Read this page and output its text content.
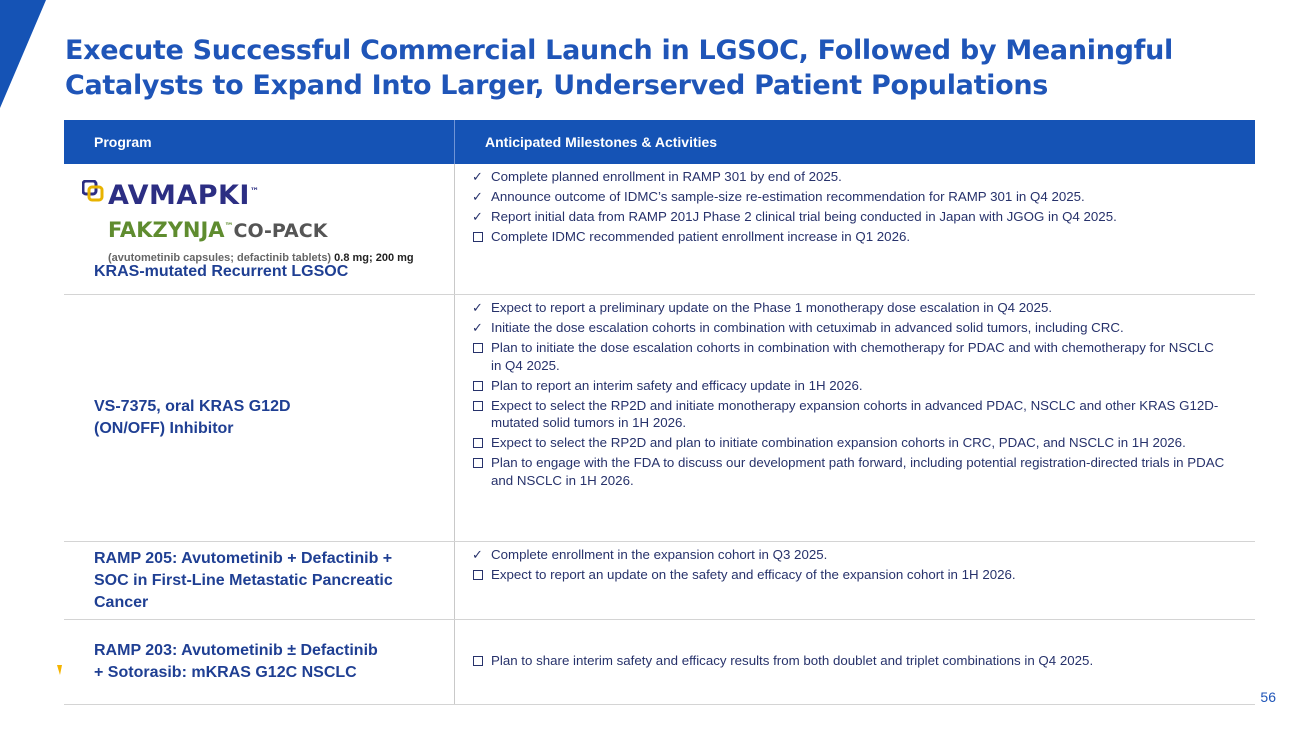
Execute Successful Commercial Launch in LGSOC, Followed by Meaningful Catalysts to Expand Into Larger, Underserved Patient Populations
Program	Anticipated Milestones & Activities
AVMAPKI™
FAKZYNJA™CO-PACK
(avutometinib capsules; defactinib tablets) 0.8 mg; 200 mg
KRAS-mutated Recurrent LGSOC
✓ Complete planned enrollment in RAMP 301 by end of 2025.
✓ Announce outcome of IDMC’s sample-size re-estimation recommendation for RAMP 301 in Q4 2025.
✓ Report initial data from RAMP 201J Phase 2 clinical trial being conducted in Japan with JGOG in Q4 2025.
Complete IDMC recommended patient enrollment increase in Q1 2026.
VS-7375, oral KRAS G12D (ON/OFF) Inhibitor
✓ Expect to report a preliminary update on the Phase 1 monotherapy dose escalation in Q4 2025.
✓ Initiate the dose escalation cohorts in combination with cetuximab in advanced solid tumors, including CRC.
Plan to initiate the dose escalation cohorts in combination with chemotherapy for PDAC and with chemotherapy for NSCLC in Q4 2025.
Plan to report an interim safety and efficacy update in 1H 2026.
Expect to select the RP2D and initiate monotherapy expansion cohorts in advanced PDAC, NSCLC and other KRAS G12D-mutated solid tumors in 1H 2026.
Expect to select the RP2D and plan to initiate combination expansion cohorts in CRC, PDAC, and NSCLC in 1H 2026.
Plan to engage with the FDA to discuss our development path forward, including potential registration-directed trials in PDAC and NSCLC in 1H 2026.
RAMP 205: Avutometinib + Defactinib + SOC in First-Line Metastatic Pancreatic Cancer
✓ Complete enrollment in the expansion cohort in Q3 2025.
Expect to report an update on the safety and efficacy of the expansion cohort in 1H 2026.
RAMP 203: Avutometinib ± Defactinib + Sotorasib: mKRAS G12C NSCLC
Plan to share interim safety and efficacy results from both doublet and triplet combinations in Q4 2025.
56
